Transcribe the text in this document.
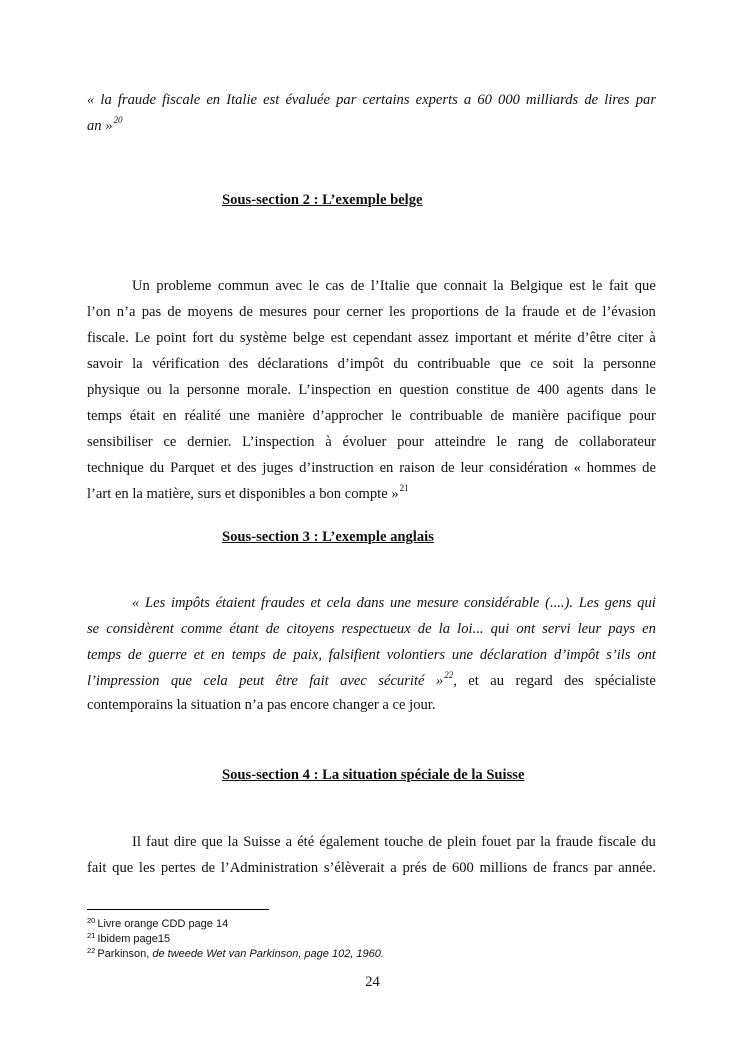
« la fraude fiscale en Italie est évaluée par certains experts a 60 000 milliards de lires par
an »$^{20}$
Sous-section 2 : L’exemple belge
Un probleme commun avec le cas de l’Italie que connait la Belgique est le fait que
l’on n’a pas de moyens de mesures pour cerner les proportions de la fraude et de l’évasion
fiscale. Le point fort du système belge est cependant assez important et mérite d’être citer à
savoir la vérification des déclarations d’impôt du contribuable que ce soit la personne
physique ou la personne morale. L’inspection en question constitue de 400 agents dans le
temps était en réalité une manière d’approcher le contribuable de manière pacifique pour
sensibiliser ce dernier. L’inspection à évoluer pour atteindre le rang de collaborateur
technique du Parquet et des juges d’instruction en raison de leur considération « hommes de
l’art en la matière, surs et disponibles a bon compte »$^{21}$
Sous-section 3 : L’exemple anglais
« Les impôts étaient fraudes et cela dans une mesure considérable (....). Les gens qui
se considèrent comme étant de citoyens respectueux de la loi... qui ont servi leur pays en
temps de guerre et en temps de paix, falsifient volontiers une déclaration d’impôt s’ils ont
l’impression que cela peut être fait avec sécurité »$^{22}$, et au regard des spécialiste
contemporains la situation n’a pas encore changer a ce jour.
Sous-section 4 : La situation spéciale de la Suisse
Il faut dire que la Suisse a été également touche de plein fouet par la fraude fiscale du
fait que les pertes de l’Administration s’élèverait a prés de 600 millions de francs par année.
$^{20}$ Livre orange CDD page 14
$^{21}$ Ibidem page15
$^{22}$ Parkinson, de tweede Wet van Parkinson, page 102, 1960.
24
